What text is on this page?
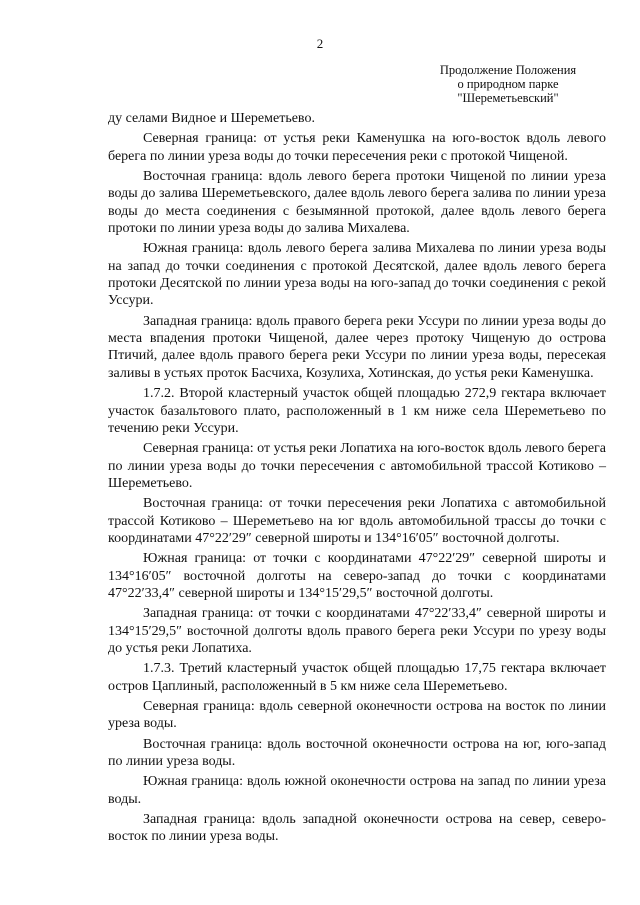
2
Продолжение Положения
о природном парке
"Шереметьевский"

ду селами Видное и Шереметьево.

Северная граница: от устья реки Каменушка на юго-восток вдоль левого берега по линии уреза воды до точки пересечения реки с протокой Чищеной.

Восточная граница: вдоль левого берега протоки Чищеной по линии уреза воды до залива Шереметьевского, далее вдоль левого берега залива по линии уреза воды до места соединения с безымянной протокой, далее вдоль левого берега протоки по линии уреза воды до залива Михалева.

Южная граница: вдоль левого берега залива Михалева по линии уреза воды на запад до точки соединения с протокой Десятской, далее вдоль левого берега протоки Десятской по линии уреза воды на юго-запад до точки соединения с рекой Уссури.

Западная граница: вдоль правого берега реки Уссури по линии уреза воды до места впадения протоки Чищеной, далее через протоку Чищеную до острова Птичий, далее вдоль правого берега реки Уссури по линии уреза воды, пересекая заливы в устьях проток Басчиха, Козулиха, Хотинская, до устья реки Каменушка.

1.7.2. Второй кластерный участок общей площадью 272,9 гектара включает участок базальтового плато, расположенный в 1 км ниже села Шереметьево по течению реки Уссури.

Северная граница: от устья реки Лопатиха на юго-восток вдоль левого берега по линии уреза воды до точки пересечения с автомобильной трассой Котиково – Шереметьево.

Восточная граница: от точки пересечения реки Лопатиха с автомобильной трассой Котиково – Шереметьево на юг вдоль автомобильной трассы до точки с координатами 47°22′29″ северной широты и 134°16′05″ восточной долготы.

Южная граница: от точки с координатами 47°22′29″ северной широты и 134°16′05″ восточной долготы на северо-запад до точки с координатами 47°22′33,4″ северной широты и 134°15′29,5″ восточной долготы.

Западная граница: от точки с координатами 47°22′33,4″ северной широты и 134°15′29,5″ восточной долготы вдоль правого берега реки Уссури по урезу воды до устья реки Лопатиха.

1.7.3. Третий кластерный участок общей площадью 17,75 гектара включает остров Цаплиный, расположенный в 5 км ниже села Шереметьево.

Северная граница: вдоль северной оконечности острова на восток по линии уреза воды.

Восточная граница: вдоль восточной оконечности острова на юг, юго-запад по линии уреза воды.

Южная граница: вдоль южной оконечности острова на запад по линии уреза воды.

Западная граница: вдоль западной оконечности острова на север, северо-восток по линии уреза воды.
